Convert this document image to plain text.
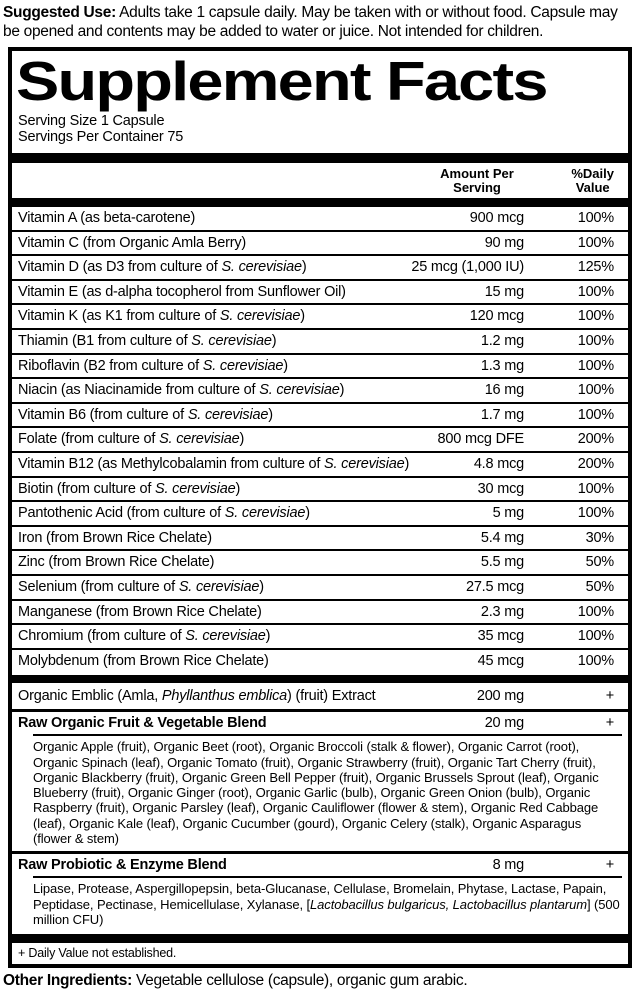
Suggested Use: Adults take 1 capsule daily. May be taken with or without food. Capsule may be opened and contents may be added to water or juice. Not intended for children.
Supplement Facts
Serving Size 1 Capsule
Servings Per Container 75
Amount Per
Serving
%Daily
Value
Vitamin A (as beta-carotene)	900 mcg	100%
Vitamin C (from Organic Amla Berry)	90 mg	100%
Vitamin D (as D3 from culture of S. cerevisiae)	25 mcg (1,000 IU)	125%
Vitamin E (as d-alpha tocopherol from Sunflower Oil)	15 mg	100%
Vitamin K (as K1 from culture of S. cerevisiae)	120 mcg	100%
Thiamin (B1 from culture of S. cerevisiae)	1.2 mg	100%
Riboflavin (B2 from culture of S. cerevisiae)	1.3 mg	100%
Niacin (as Niacinamide from culture of S. cerevisiae)	16 mg	100%
Vitamin B6 (from culture of S. cerevisiae)	1.7 mg	100%
Folate (from culture of S. cerevisiae)	800 mcg DFE	200%
Vitamin B12 (as Methylcobalamin from culture of S. cerevisiae)	4.8 mcg	200%
Biotin (from culture of S. cerevisiae)	30 mcg	100%
Pantothenic Acid (from culture of S. cerevisiae)	5 mg	100%
Iron (from Brown Rice Chelate)	5.4 mg	30%
Zinc (from Brown Rice Chelate)	5.5 mg	50%
Selenium (from culture of S. cerevisiae)	27.5 mcg	50%
Manganese (from Brown Rice Chelate)	2.3 mg	100%
Chromium (from culture of S. cerevisiae)	35 mcg	100%
Molybdenum (from Brown Rice Chelate)	45 mcg	100%
Organic Emblic (Amla, Phyllanthus emblica) (fruit) Extract	200 mg	+
Raw Organic Fruit & Vegetable Blend	20 mg	+
Organic Apple (fruit), Organic Beet (root), Organic Broccoli (stalk & flower), Organic Carrot (root), Organic Spinach (leaf), Organic Tomato (fruit), Organic Strawberry (fruit), Organic Tart Cherry (fruit), Organic Blackberry (fruit), Organic Green Bell Pepper (fruit), Organic Brussels Sprout (leaf), Organic Blueberry (fruit), Organic Ginger (root), Organic Garlic (bulb), Organic Green Onion (bulb), Organic Raspberry (fruit), Organic Parsley (leaf), Organic Cauliflower (flower & stem), Organic Red Cabbage (leaf), Organic Kale (leaf), Organic Cucumber (gourd), Organic Celery (stalk), Organic Asparagus (flower & stem)
Raw Probiotic & Enzyme Blend	8 mg	+
Lipase, Protease, Aspergillopepsin, beta-Glucanase, Cellulase, Bromelain, Phytase, Lactase, Papain, Peptidase, Pectinase, Hemicellulase, Xylanase, [Lactobacillus bulgaricus, Lactobacillus plantarum] (500 million CFU)
+ Daily Value not established.
Other Ingredients: Vegetable cellulose (capsule), organic gum arabic.
